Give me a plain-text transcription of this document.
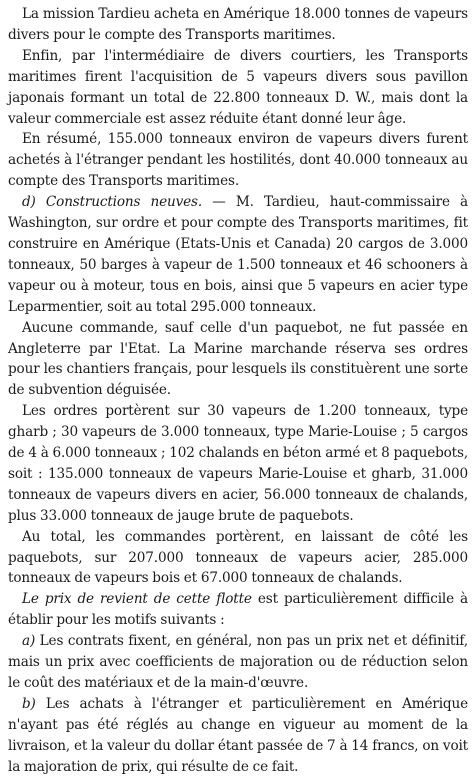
La mission Tardieu acheta en Amérique 18.000 tonnes de vapeurs divers pour le compte des Transports maritimes.

Enfin, par l'intermédiaire de divers courtiers, les Transports maritimes firent l'acquisition de 5 vapeurs divers sous pavillon japonais formant un total de 22.800 tonneaux D. W., mais dont la valeur commerciale est assez réduite étant donné leur âge.

En résumé, 155.000 tonneaux environ de vapeurs divers furent achetés à l'étranger pendant les hostilités, dont 40.000 tonneaux au compte des Transports maritimes.

d) Constructions neuves. — M. Tardieu, haut-commissaire à Washington, sur ordre et pour compte des Transports maritimes, fit construire en Amérique (Etats-Unis et Canada) 20 cargos de 3.000 tonneaux, 50 barges à vapeur de 1.500 tonneaux et 46 schooners à vapeur ou à moteur, tous en bois, ainsi que 5 vapeurs en acier type Leparmentier, soit au total 295.000 tonneaux.

Aucune commande, sauf celle d'un paquebot, ne fut passée en Angleterre par l'Etat. La Marine marchande réserva ses ordres pour les chantiers français, pour lesquels ils constituèrent une sorte de subvention déguisée.

Les ordres portèrent sur 30 vapeurs de 1.200 tonneaux, type gharb ; 30 vapeurs de 3.000 tonneaux, type Marie-Louise ; 5 cargos de 4 à 6.000 tonneaux ; 102 chalands en béton armé et 8 paquebots, soit : 135.000 tonneaux de vapeurs Marie-Louise et gharb, 31.000 tonneaux de vapeurs divers en acier, 56.000 tonneaux de chalands, plus 33.000 tonneaux de jauge brute de paquebots.

Au total, les commandes portèrent, en laissant de côté les paquebots, sur 207.000 tonneaux de vapeurs acier, 285.000 tonneaux de vapeurs bois et 67.000 tonneaux de chalands.

Le prix de revient de cette flotte est particulièrement difficile à établir pour les motifs suivants :

a) Les contrats fixent, en général, non pas un prix net et définitif, mais un prix avec coefficients de majoration ou de réduction selon le coût des matériaux et de la main-d'œuvre.

b) Les achats à l'étranger et particulièrement en Amérique n'ayant pas été réglés au change en vigueur au moment de la livraison, et la valeur du dollar étant passée de 7 à 14 francs, on voit la majoration de prix, qui résulte de ce fait.
